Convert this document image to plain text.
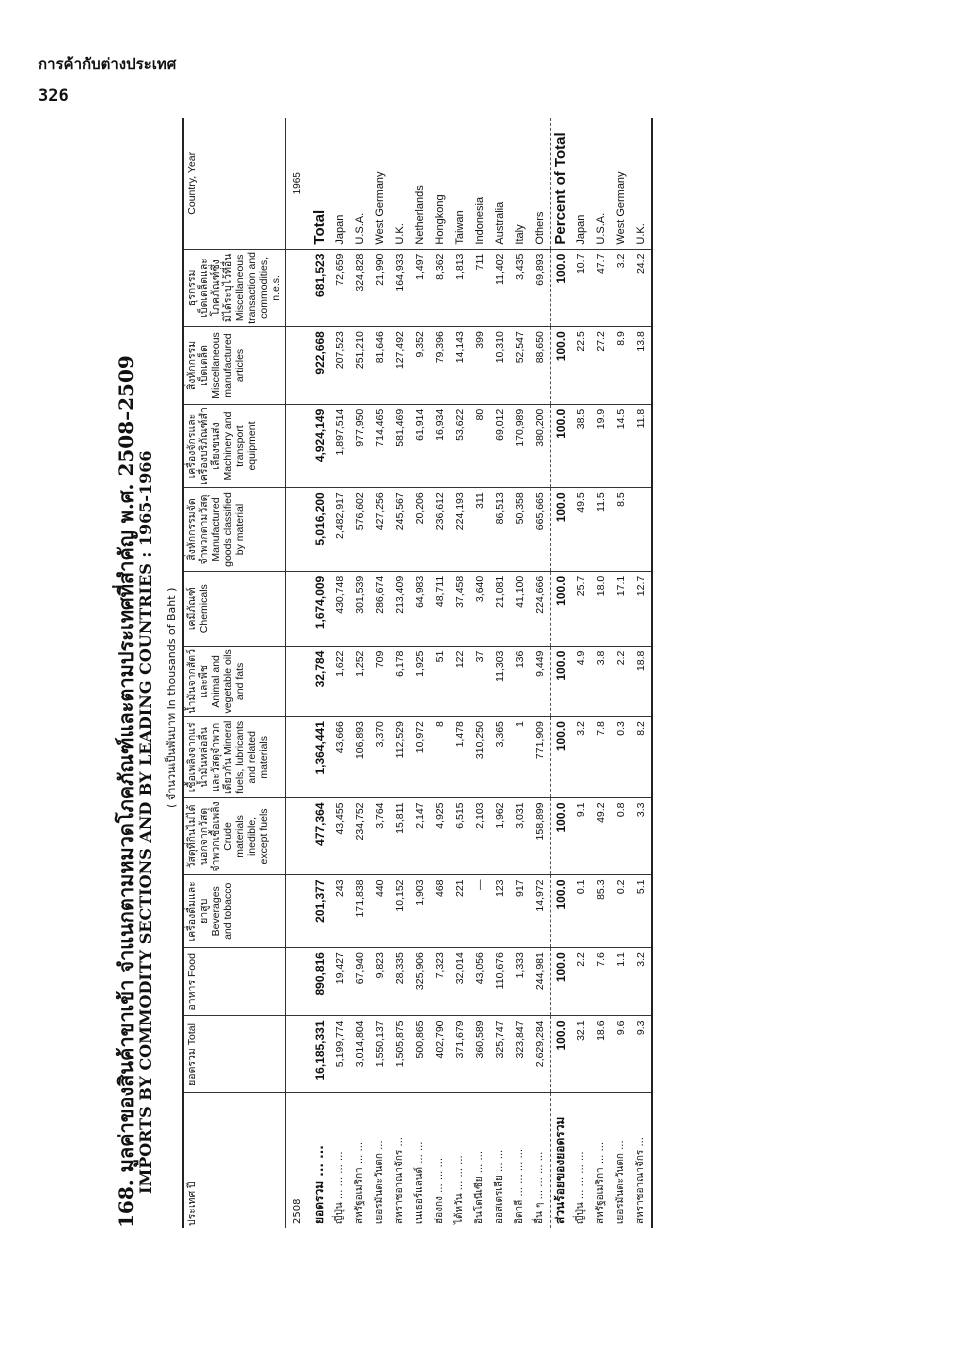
การค้ากับต่างประเทศ
326
168. มูลค่าของสินค้าขาเข้า จำแนกตามหมวดโภคภัณฑ์และตามประเทศที่สำคัญ พ.ศ. 2508–2509
IMPORTS BY COMMODITY SECTIONS AND BY LEADING COUNTRIES : 1965-1966 ( จำนวนเป็นพันบาท In thousands of Baht )
ประเทศ ปี	ยอดรวม Total	อาหาร Food	เครื่องดื่มและยาสูบ Beverages and tobacco	วัสดุที่กินไม่ได้ นอกจากวัสดุจำพวกเชื้อเพลิง Crude materials inedible, except fuels	เชื้อเพลิงจากแร่ น้ำมันหล่อลื่น และวัสดุจำพวกเดียวกัน Mineral fuels, lubricants and related materials	น้ำมันจากสัตว์และพืช Animal and vegetable oils and fats	เคมีภัณฑ์ Chemicals	สิ่งหักกรรมจัดจำพวกตามวัสดุ Manufactured goods classified by material	เครื่องจักรและเครื่องบริภัณฑ์สำเลียงขนส่ง Machinery and transport equipment	สิ่งหักกรรมเบ็ดเตล็ด Miscellaneous manufactured articles	ธุรกรรมเบ็ดเตล็ดและโภคภัณฑ์ซึ่งมิได้ระบุไว้ที่อื่น Miscellaneous transaction and commodities, n.e.s.	Country, Year
2508												1965
ยอดรวม ... ...	16,185,331	890,816	201,377	477,364	1,364,441	32,784	1,674,009	5,016,200	4,924,149	922,668	681,523	Total
ญี่ปุ่น ... ... ... ...	5,199,774	19,427	243	43,455	43,666	1,622	430,748	2,482,917	1,897,514	207,523	72,659	Japan
สหรัฐอเมริกา ... ...	3,014,804	67,940	171,838	234,752	106,893	1,252	301,539	576,602	977,950	251,210	324,828	U.S.A.
เยอรมันตะวันตก ...	1,550,137	9,823	440	3,764	3,370	709	286,674	427,256	714,465	81,646	21,990	West Germany
สหราชอาณาจักร ...	1,505,875	28,335	10,152	15,811	112,529	6,178	213,409	245,567	581,469	127,492	164,933	U.K.
เนเธอร์แลนด์ ... ...	500,865	325,906	1,903	2,147	10,972	1,925	64,983	20,206	61,914	9,352	1,497	Netherlands
ฮ่องกง ... ... ...	402,790	7,323	468	4,925	8	51	48,711	236,612	16,934	79,396	8,362	Hongkong
ไต้หวัน ... ... ...	371,679	32,014	221	6,515	1,478	122	37,458	224,193	53,622	14,143	1,813	Taiwan
อินโดนีเซีย ... ...	360,589	43,056	—	2,103	310,250	37	3,640	311	80	399	711	Indonesia
ออสเตรเลีย ... ...	325,747	110,676	123	1,962	3,365	11,303	21,081	86,513	69,012	10,310	11,402	Australia
อิตาลี ... ... ... ...	323,847	1,333	917	3,031	1	136	41,100	50,358	170,989	52,547	3,435	Italy
อื่น ๆ ... ... ... ...	2,629,284	244,981	14,972	158,899	771,909	9,449	224,666	665,665	380,200	88,650	69,893	Others
ส่วนร้อยของยอดรวม	100.0	100.0	100.0	100.0	100.0	100.0	100.0	100.0	100.0	100.0	100.0	Percent of Total
ญี่ปุ่น ... ... ... ...	32.1	2.2	0.1	9.1	3.2	4.9	25.7	49.5	38.5	22.5	10.7	Japan
สหรัฐอเมริกา ... ...	18.6	7.6	85.3	49.2	7.8	3.8	18.0	11.5	19.9	27.2	47.7	U.S.A.
เยอรมันตะวันตก ...	9.6	1.1	0.2	0.8	0.3	2.2	17.1	8.5	14.5	8.9	3.2	West Germany
สหราชอาณาจักร ...	9.3	3.2	5.1	3.3	8.2	18.8	12.7		11.8	13.8	24.2	U.K.
